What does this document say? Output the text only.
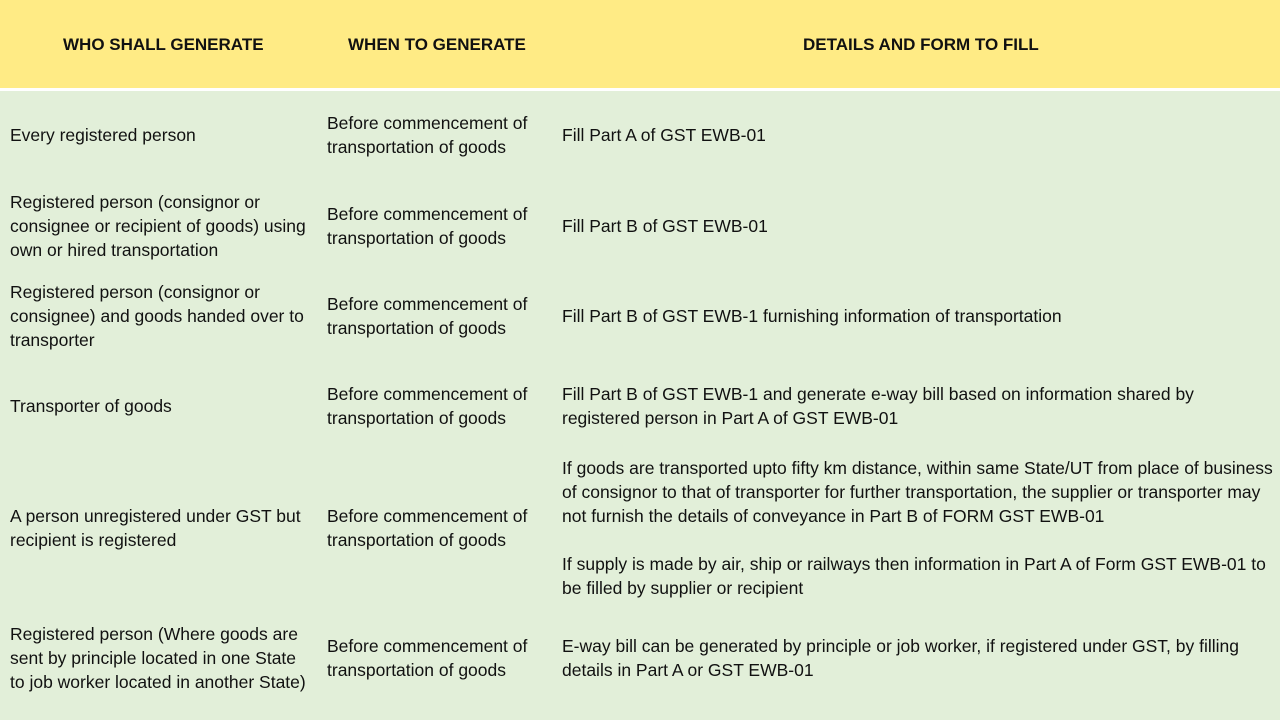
WHO SHALL GENERATE	WHEN TO GENERATE	DETAILS AND FORM TO FILL
Every registered person
Before commencement of transportation of goods
Fill Part A of GST EWB-01
Registered person (consignor or consignee or recipient of goods) using own or hired transportation
Before commencement of transportation of goods
Fill Part B of GST EWB-01
Registered person (consignor or consignee) and goods handed over to transporter
Before commencement of transportation of goods
Fill Part B of GST EWB-1 furnishing information of transportation
Transporter of goods
Before commencement of transportation of goods
Fill Part B of GST EWB-1 and generate e-way bill based on information shared by registered person in Part A of GST EWB-01
A person unregistered under GST but recipient is registered
Before commencement of transportation of goods
If goods are transported upto fifty km distance, within same State/UT from place of business of consignor to that of transporter for further transportation, the supplier or transporter may not furnish the details of conveyance in Part B of FORM GST EWB-01
If supply is made by air, ship or railways then information in Part A of Form GST EWB-01 to be filled by supplier or recipient
Registered person (Where goods are sent by principle located in one State to job worker located in another State)
Before commencement of transportation of goods
E-way bill can be generated by principle or job worker, if registered under GST, by filling details in Part A or GST EWB-01
